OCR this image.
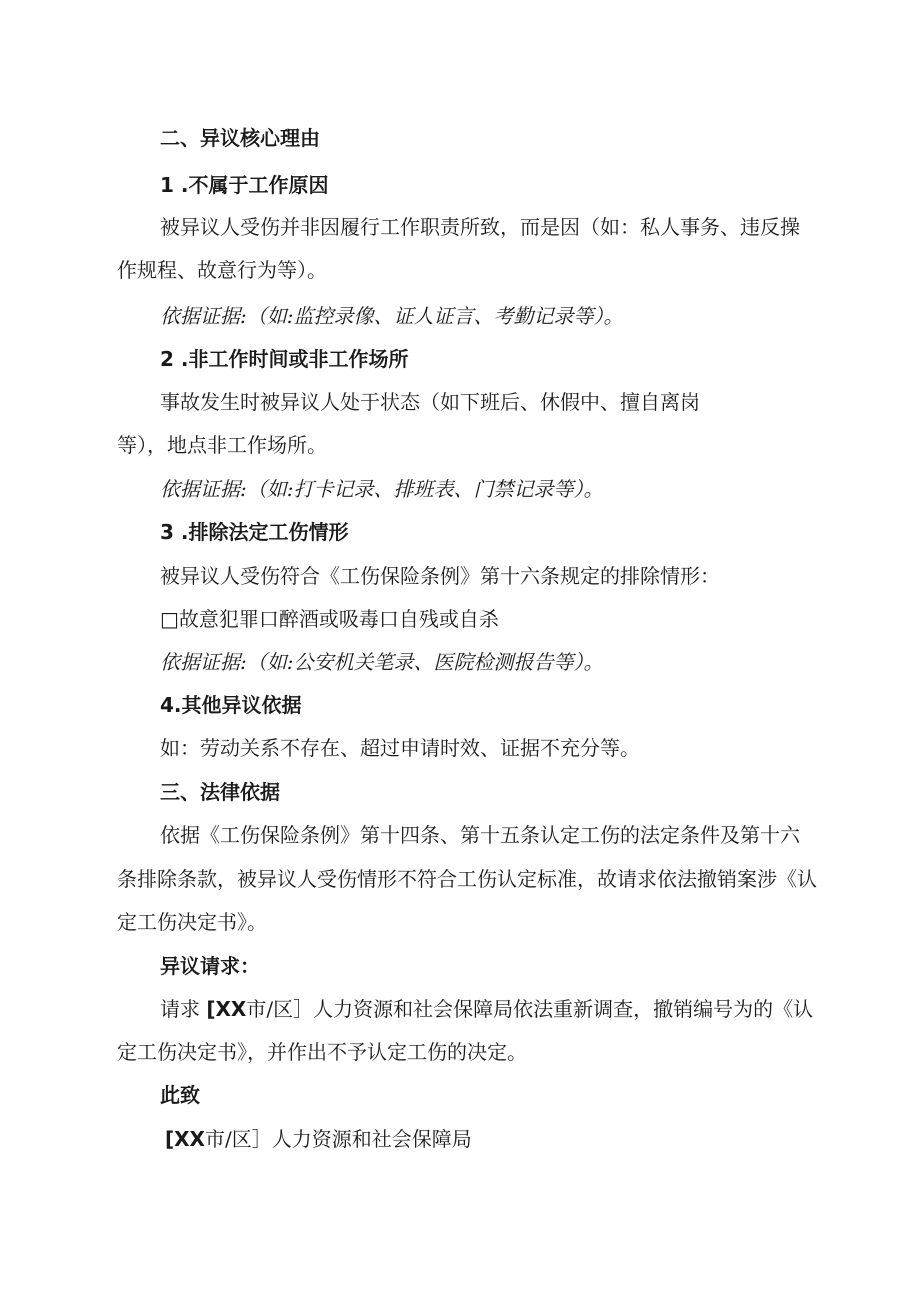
二、异议核心理由
1 .不属于工作原因
被异议人受伤并非因履行工作职责所致，而是因（如：私人事务、违反操
作规程、故意行为等）。
依据证据:（如:监控录像、证人证言、考勤记录等）。
2 .非工作时间或非工作场所
事故发生时被异议人处于状态（如下班后、休假中、擅自离岗
等），地点非工作场所。
依据证据:（如:打卡记录、排班表、门禁记录等）。
3 .排除法定工伤情形
被异议人受伤符合《工伤保险条例》第十六条规定的排除情形：
□故意犯罪口醉酒或吸毒口自残或自杀
依据证据:（如:公安机关笔录、医院检测报告等）。
4.其他异议依据
如：劳动关系不存在、超过申请时效、证据不充分等。
三、法律依据
依据《工伤保险条例》第十四条、第十五条认定工伤的法定条件及第十六
条排除条款，被异议人受伤情形不符合工伤认定标准，故请求依法撤销案涉《认
定工伤决定书》。
异议请求：
请求 [XX市/区］人力资源和社会保障局依法重新调查，撤销编号为的《认
定工伤决定书》，并作出不予认定工伤的决定。
此致
[XX市/区］人力资源和社会保障局
